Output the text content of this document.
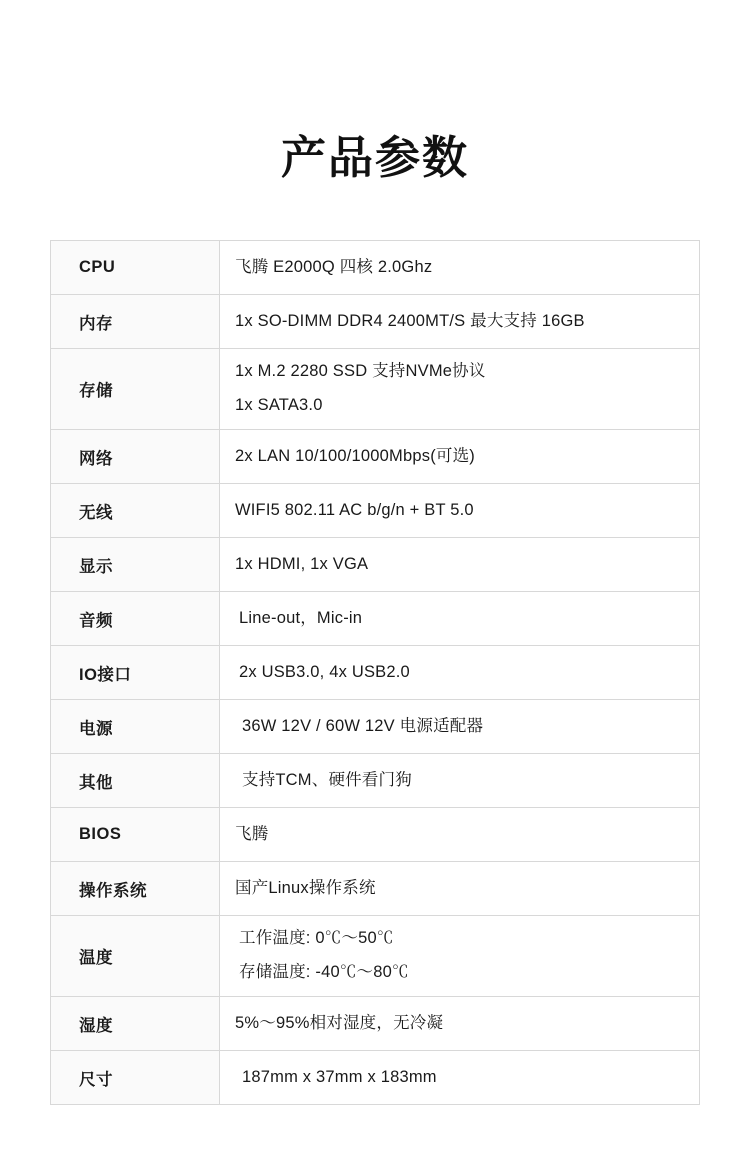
产品参数
CPU	飞腾 E2000Q 四核 2.0Ghz

内存	1x SO-DIMM DDR4 2400MT/S 最大支持 16GB

存储	1x M.2 2280 SSD 支持NVMe协议
1x SATA3.0

网络	2x LAN 10/100/1000Mbps(可选)

无线	WIFI5 802.11 AC b/g/n + BT 5.0

显示	1x HDMI, 1x VGA

音频	Line-out，Mic-in

IO接口	2x USB3.0, 4x USB2.0

电源	36W 12V / 60W 12V 电源适配器

其他	支持TCM、硬件看门狗

BIOS	飞腾

操作系统	国产Linux操作系统

温度	工作温度: 0℃～50℃
存储温度: -40℃～80℃

湿度	5%～95%相对湿度，无冷凝

尺寸	187mm x 37mm x 183mm
